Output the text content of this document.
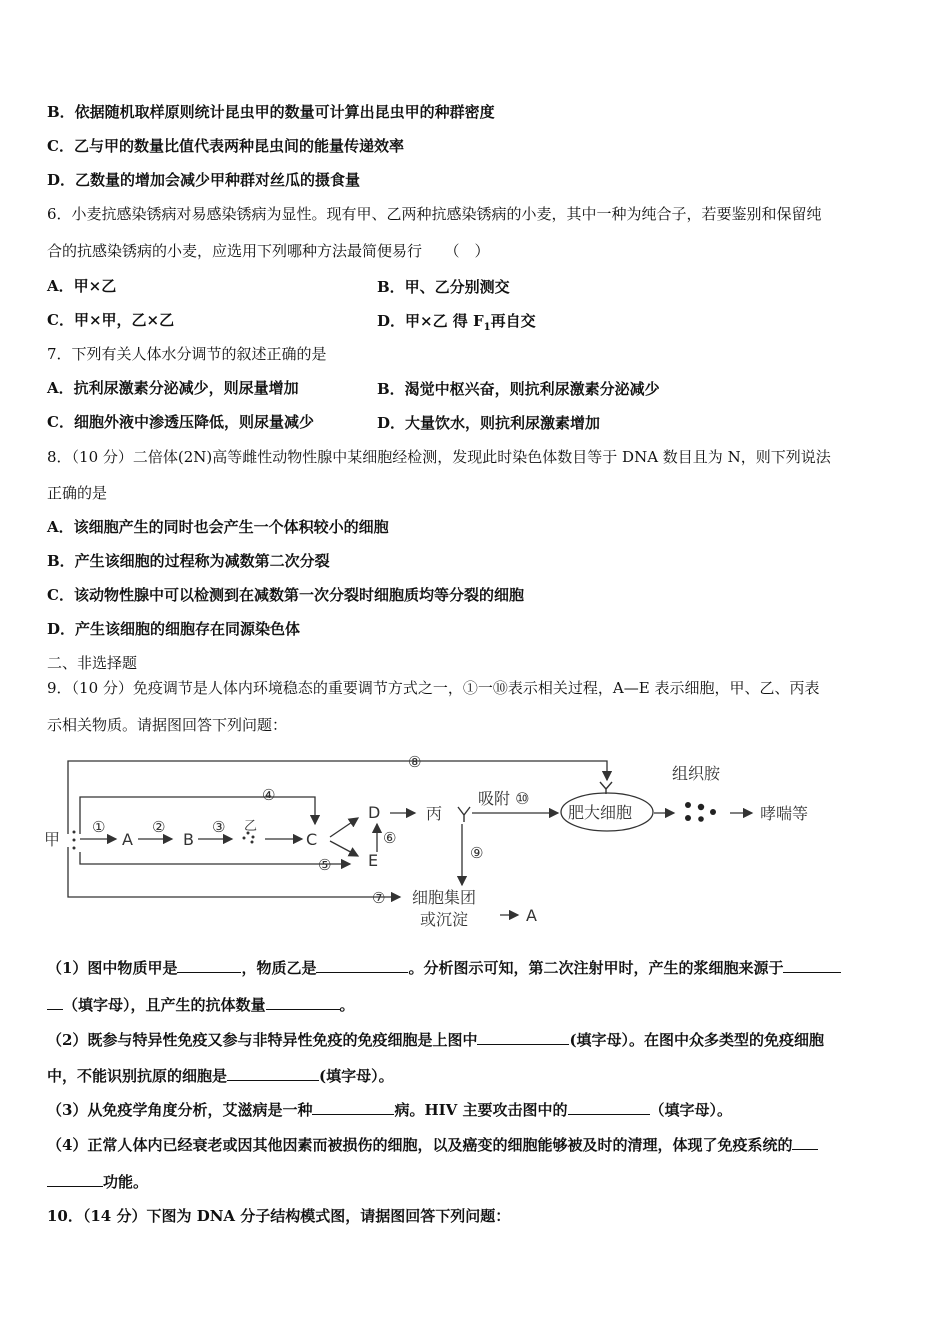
B．依据随机取样原则统计昆虫甲的数量可计算出昆虫甲的种群密度
C．乙与甲的数量比值代表两种昆虫间的能量传递效率
D．乙数量的增加会减少甲种群对丝瓜的摄食量
6．小麦抗感染锈病对易感染锈病为显性。现有甲、乙两种抗感染锈病的小麦，其中一种为纯合子，若要鉴别和保留纯
合的抗感染锈病的小麦，应选用下列哪种方法最简便易行　　（　）
A．甲×乙	B．甲、乙分别测交
C．甲×甲，乙×乙	D．甲×乙 得 $F_1$再自交
7．下列有关人体水分调节的叙述正确的是
A．抗利尿激素分泌减少，则尿量增加	B．渴觉中枢兴奋，则抗利尿激素分泌减少
C．细胞外液中渗透压降低，则尿量减少	D．大量饮水，则抗利尿激素增加
8．（10 分）二倍体(2N)高等雌性动物性腺中某细胞经检测，发现此时染色体数目等于 DNA 数目且为 N，则下列说法
正确的是
A．该细胞产生的同时也会产生一个体积较小的细胞
B．产生该细胞的过程称为减数第二次分裂
C．该动物性腺中可以检测到在减数第一次分裂时细胞质均等分裂的细胞
D．产生该细胞的细胞存在同源染色体
二、非选择题
9．（10 分）免疫调节是人体内环境稳态的重要调节方式之一，①一⑩表示相关过程，A—E 表示细胞，甲、乙、丙表
示相关物质。请据图回答下列问题：
⑧
④
①	②	③
⑤
⑥
⑦
⑨
甲	A	B
乙
C
D
E
丙
吸附 ⑩
肥大细胞
组织胺
哮喘等
细胞集团
或沉淀	A
（1）图中物质甲是	，物质乙是	。分析图示可知，第二次注射甲时，产生的浆细胞来源于
（填字母），且产生的抗体数量	。
（2）既参与特异性免疫又参与非特异性免疫的免疫细胞是上图中	(填字母）。在图中众多类型的免疫细胞
中，不能识别抗原的细胞是	(填字母）。
（3）从免疫学角度分析，艾滋病是一种	病。HIV 主要攻击图中的	（填字母）。
（4）正常人体内已经衰老或因其他因素而被损伤的细胞，以及癌变的细胞能够被及时的清理，体现了免疫系统的
功能。
10．（14 分）下图为 DNA 分子结构模式图，请据图回答下列问题：
